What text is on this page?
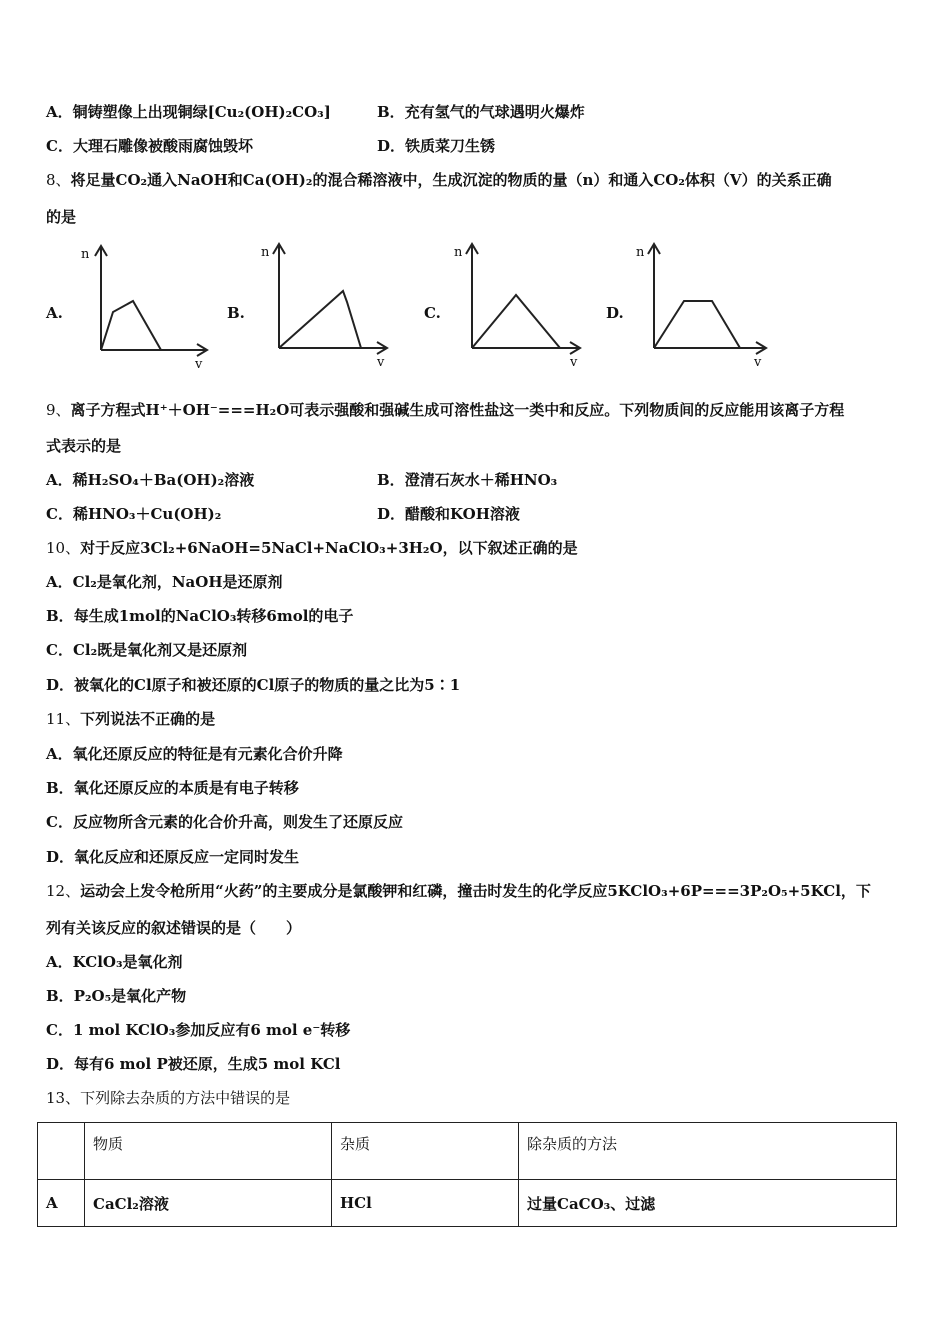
A．铜铸塑像上出现铜绿[Cu₂(OH)₂CO₃]	B．充有氢气的气球遇明火爆炸
C．大理石雕像被酸雨腐蚀毁坏	D．铁质菜刀生锈
8、将足量CO₂通入NaOH和Ca(OH)₂的混合稀溶液中，生成沉淀的物质的量（n）和通入CO₂体积（V）的关系正确
的是
A.	B.	C.	D.
n
v
n
v
n
v
n
v
9、离子方程式H⁺＋OH⁻===H₂O可表示强酸和强碱生成可溶性盐这一类中和反应。下列物质间的反应能用该离子方程
式表示的是
A．稀H₂SO₄＋Ba(OH)₂溶液	B．澄清石灰水＋稀HNO₃
C．稀HNO₃＋Cu(OH)₂	D．醋酸和KOH溶液
10、对于反应3Cl₂+6NaOH=5NaCl+NaClO₃+3H₂O，以下叙述正确的是
A．Cl₂是氧化剂，NaOH是还原剂
B．每生成1mol的NaClO₃转移6mol的电子
C．Cl₂既是氧化剂又是还原剂
D．被氧化的Cl原子和被还原的Cl原子的物质的量之比为5∶1
11、下列说法不正确的是
A．氧化还原反应的特征是有元素化合价升降
B．氧化还原反应的本质是有电子转移
C．反应物所含元素的化合价升高，则发生了还原反应
D．氧化反应和还原反应一定同时发生
12、运动会上发令枪所用“火药”的主要成分是氯酸钾和红磷，撞击时发生的化学反应5KClO₃+6P===3P₂O₅+5KCl，下
列有关该反应的叙述错误的是（　　）
A．KClO₃是氧化剂
B．P₂O₅是氧化产物
C．1 mol KClO₃参加反应有6 mol e⁻转移
D．每有6 mol P被还原，生成5 mol KCl
13、下列除去杂质的方法中错误的是
	物质	杂质	除杂质的方法
A	CaCl₂溶液	HCl	过量CaCO₃、过滤
